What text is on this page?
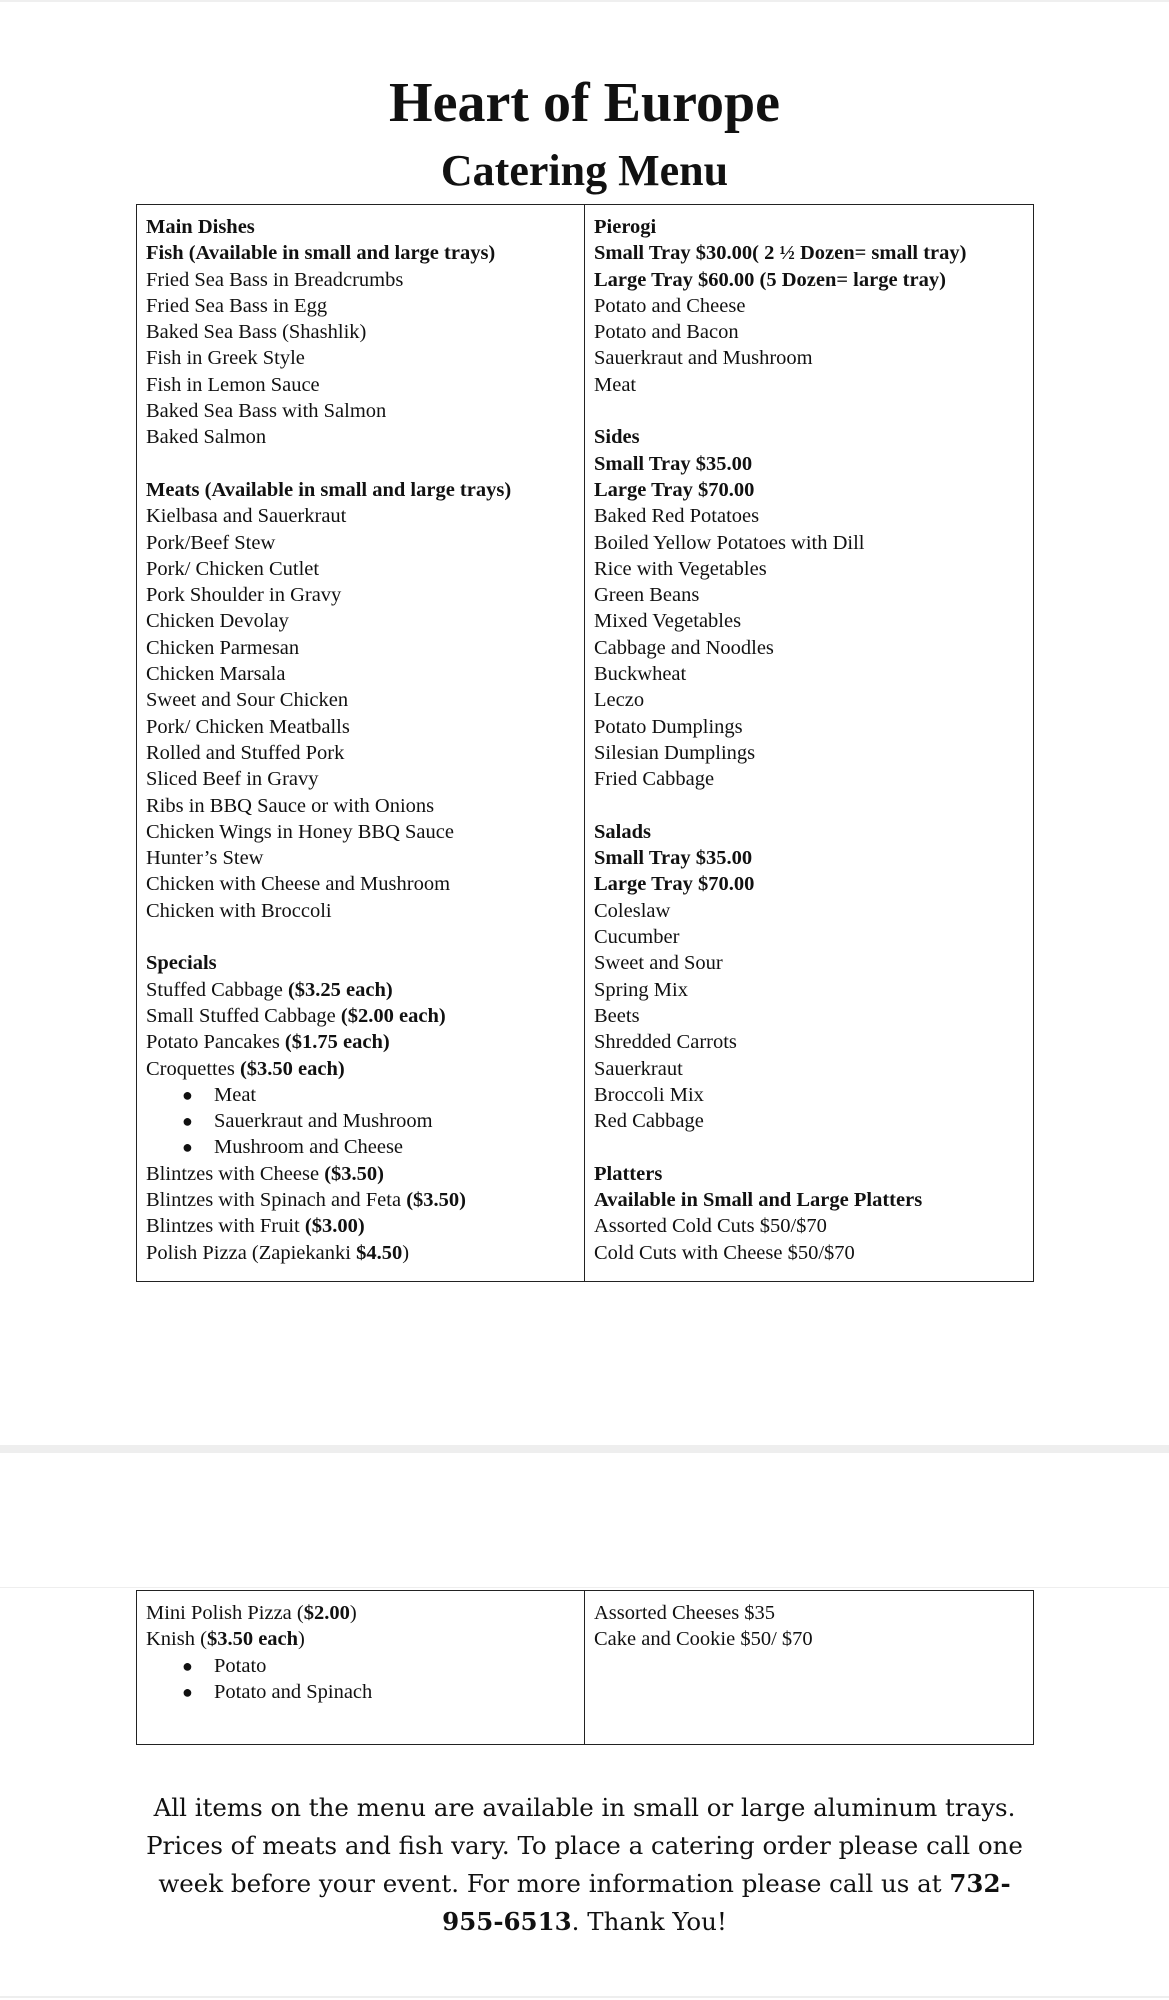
Heart of Europe
Catering Menu
Main Dishes
Fish (Available in small and large trays)
Fried Sea Bass in Breadcrumbs
Fried Sea Bass in Egg
Baked Sea Bass (Shashlik)
Fish in Greek Style
Fish in Lemon Sauce
Baked Sea Bass with Salmon
Baked Salmon
Meats (Available in small and large trays)
Kielbasa and Sauerkraut
Pork/Beef Stew
Pork/ Chicken Cutlet
Pork Shoulder in Gravy
Chicken Devolay
Chicken Parmesan
Chicken Marsala
Sweet and Sour Chicken
Pork/ Chicken Meatballs
Rolled and Stuffed Pork
Sliced Beef in Gravy
Ribs in BBQ Sauce or with Onions
Chicken Wings in Honey BBQ Sauce
Hunter’s Stew
Chicken with Cheese and Mushroom
Chicken with Broccoli
Specials
Stuffed Cabbage ($3.25 each)
Small Stuffed Cabbage ($2.00 each)
Potato Pancakes ($1.75 each)
Croquettes ($3.50 each)
● Meat
● Sauerkraut and Mushroom
● Mushroom and Cheese
Blintzes with Cheese ($3.50)
Blintzes with Spinach and Feta ($3.50)
Blintzes with Fruit ($3.00)
Polish Pizza (Zapiekanki $4.50)

Pierogi
Small Tray $30.00( 2 ½ Dozen= small tray)
Large Tray $60.00 (5 Dozen= large tray)
Potato and Cheese
Potato and Bacon
Sauerkraut and Mushroom
Meat
Sides
Small Tray $35.00
Large Tray $70.00
Baked Red Potatoes
Boiled Yellow Potatoes with Dill
Rice with Vegetables
Green Beans
Mixed Vegetables
Cabbage and Noodles
Buckwheat
Leczo
Potato Dumplings
Silesian Dumplings
Fried Cabbage
Salads
Small Tray $35.00
Large Tray $70.00
Coleslaw
Cucumber
Sweet and Sour
Spring Mix
Beets
Shredded Carrots
Sauerkraut
Broccoli Mix
Red Cabbage
Platters
Available in Small and Large Platters
Assorted Cold Cuts $50/$70
Cold Cuts with Cheese $50/$70
Mini Polish Pizza ($2.00)
Knish ($3.50 each)
● Potato
● Potato and Spinach

Assorted Cheeses $35
Cake and Cookie $50/ $70

All items on the menu are available in small or large aluminum trays. Prices of meats and fish vary. To place a catering order please call one week before your event. For more information please call us at 732-955-6513. Thank You!
